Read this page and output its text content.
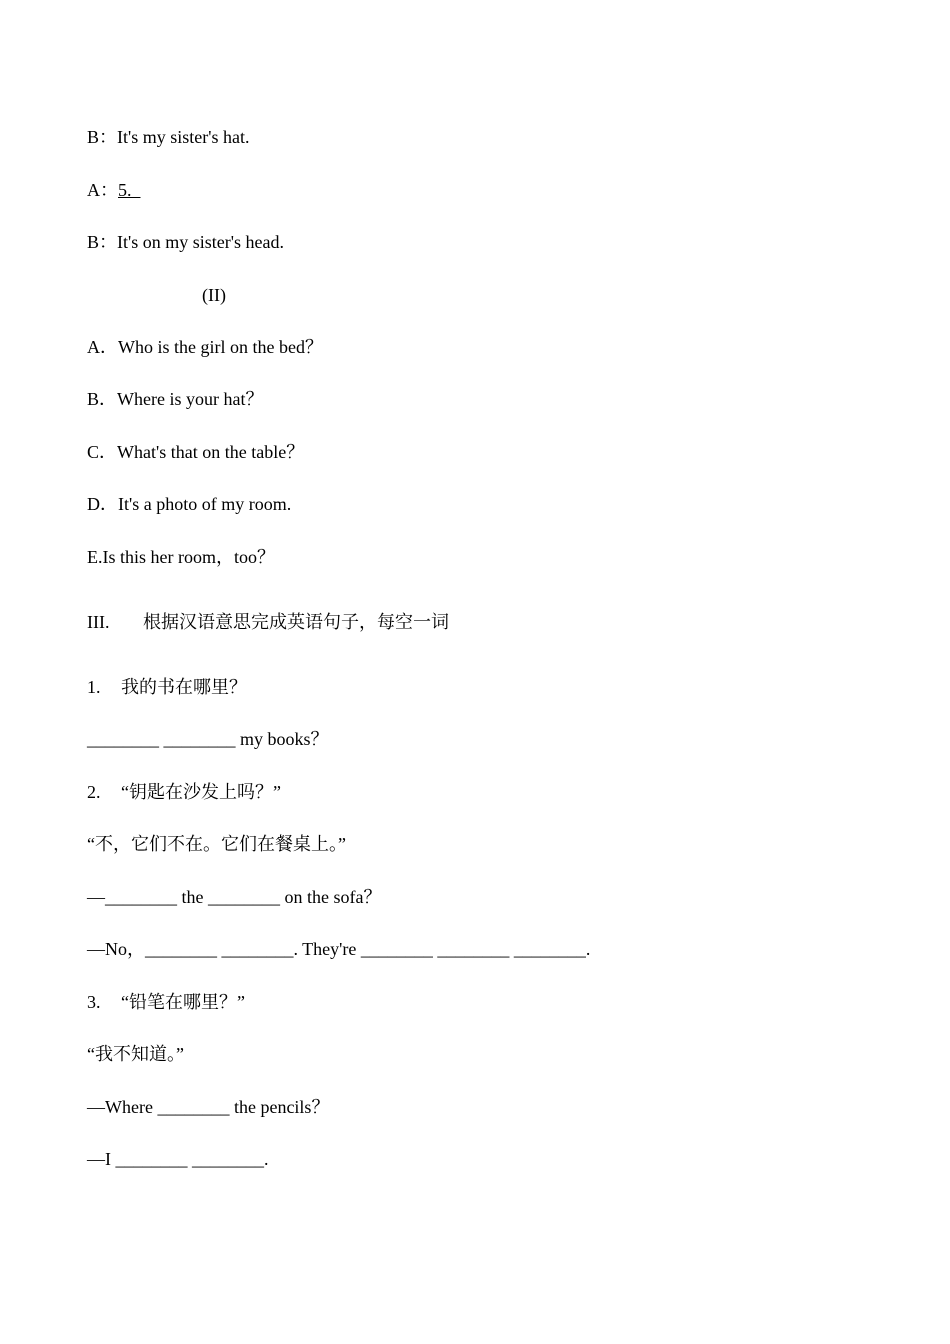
B：It's my sister's hat.
A：5.
B：It's on my sister's head.
(II)
A．Who is the girl on the bed？
B．Where is your hat？
C．What's that on the table？
D．It's a photo of my room.
E.Is this her room，too？
III. 根据汉语意思完成英语句子，每空一词
1. 我的书在哪里？
________ ________ my books？
2. “钥匙在沙发上吗？”
“不，它们不在。它们在餐桌上。”
—________ the ________ on the sofa？
—No，________ ________. They're ________ ________ ________.
3. “铅笔在哪里？”
“我不知道。”
—Where ________ the pencils？
—I ________ ________.
